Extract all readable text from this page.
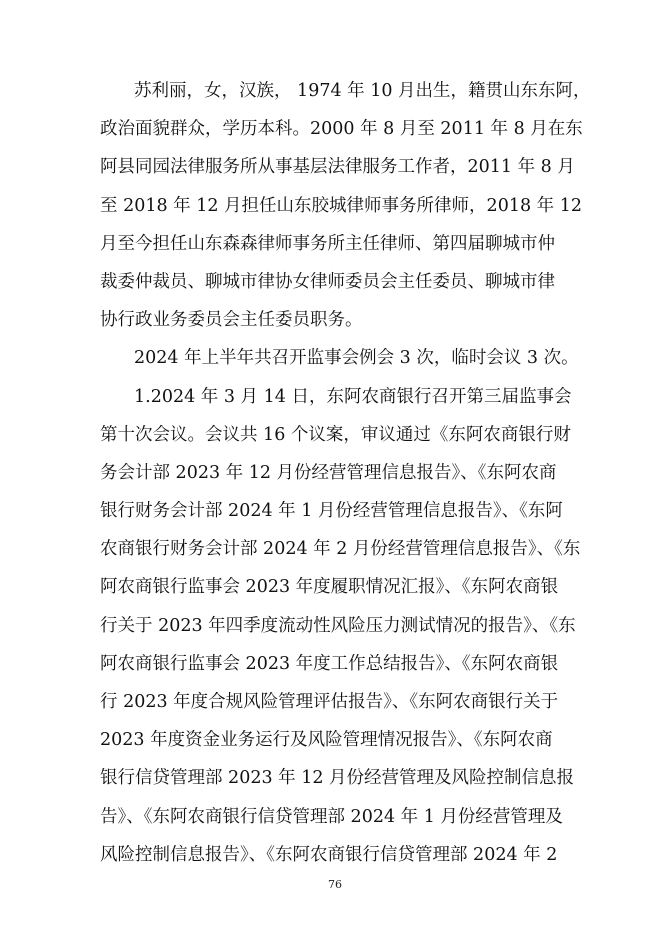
苏利丽，女，汉族， 1974 年 10 月出生，籍贯山东东阿，
政治面貌群众，学历本科。2000 年 8 月至 2011 年 8 月在东
阿县同园法律服务所从事基层法律服务工作者，2011 年 8 月
至 2018 年 12 月担任山东胶城律师事务所律师，2018 年 12
月至今担任山东森森律师事务所主任律师、第四届聊城市仲
裁委仲裁员、聊城市律协女律师委员会主任委员、聊城市律
协行政业务委员会主任委员职务。
2024 年上半年共召开监事会例会 3 次，临时会议 3 次。
1.2024 年 3 月 14 日，东阿农商银行召开第三届监事会
第十次会议。会议共 16 个议案，审议通过《东阿农商银行财
务会计部 2023 年 12 月份经营管理信息报告》、《东阿农商
银行财务会计部 2024 年 1 月份经营管理信息报告》、《东阿
农商银行财务会计部 2024 年 2 月份经营管理信息报告》、《东
阿农商银行监事会 2023 年度履职情况汇报》、《东阿农商银
行关于 2023 年四季度流动性风险压力测试情况的报告》、《东
阿农商银行监事会 2023 年度工作总结报告》、《东阿农商银
行 2023 年度合规风险管理评估报告》、《东阿农商银行关于
2023 年度资金业务运行及风险管理情况报告》、《东阿农商
银行信贷管理部 2023 年 12 月份经营管理及风险控制信息报
告》、《东阿农商银行信贷管理部 2024 年 1 月份经营管理及
风险控制信息报告》、《东阿农商银行信贷管理部 2024 年 2
76
